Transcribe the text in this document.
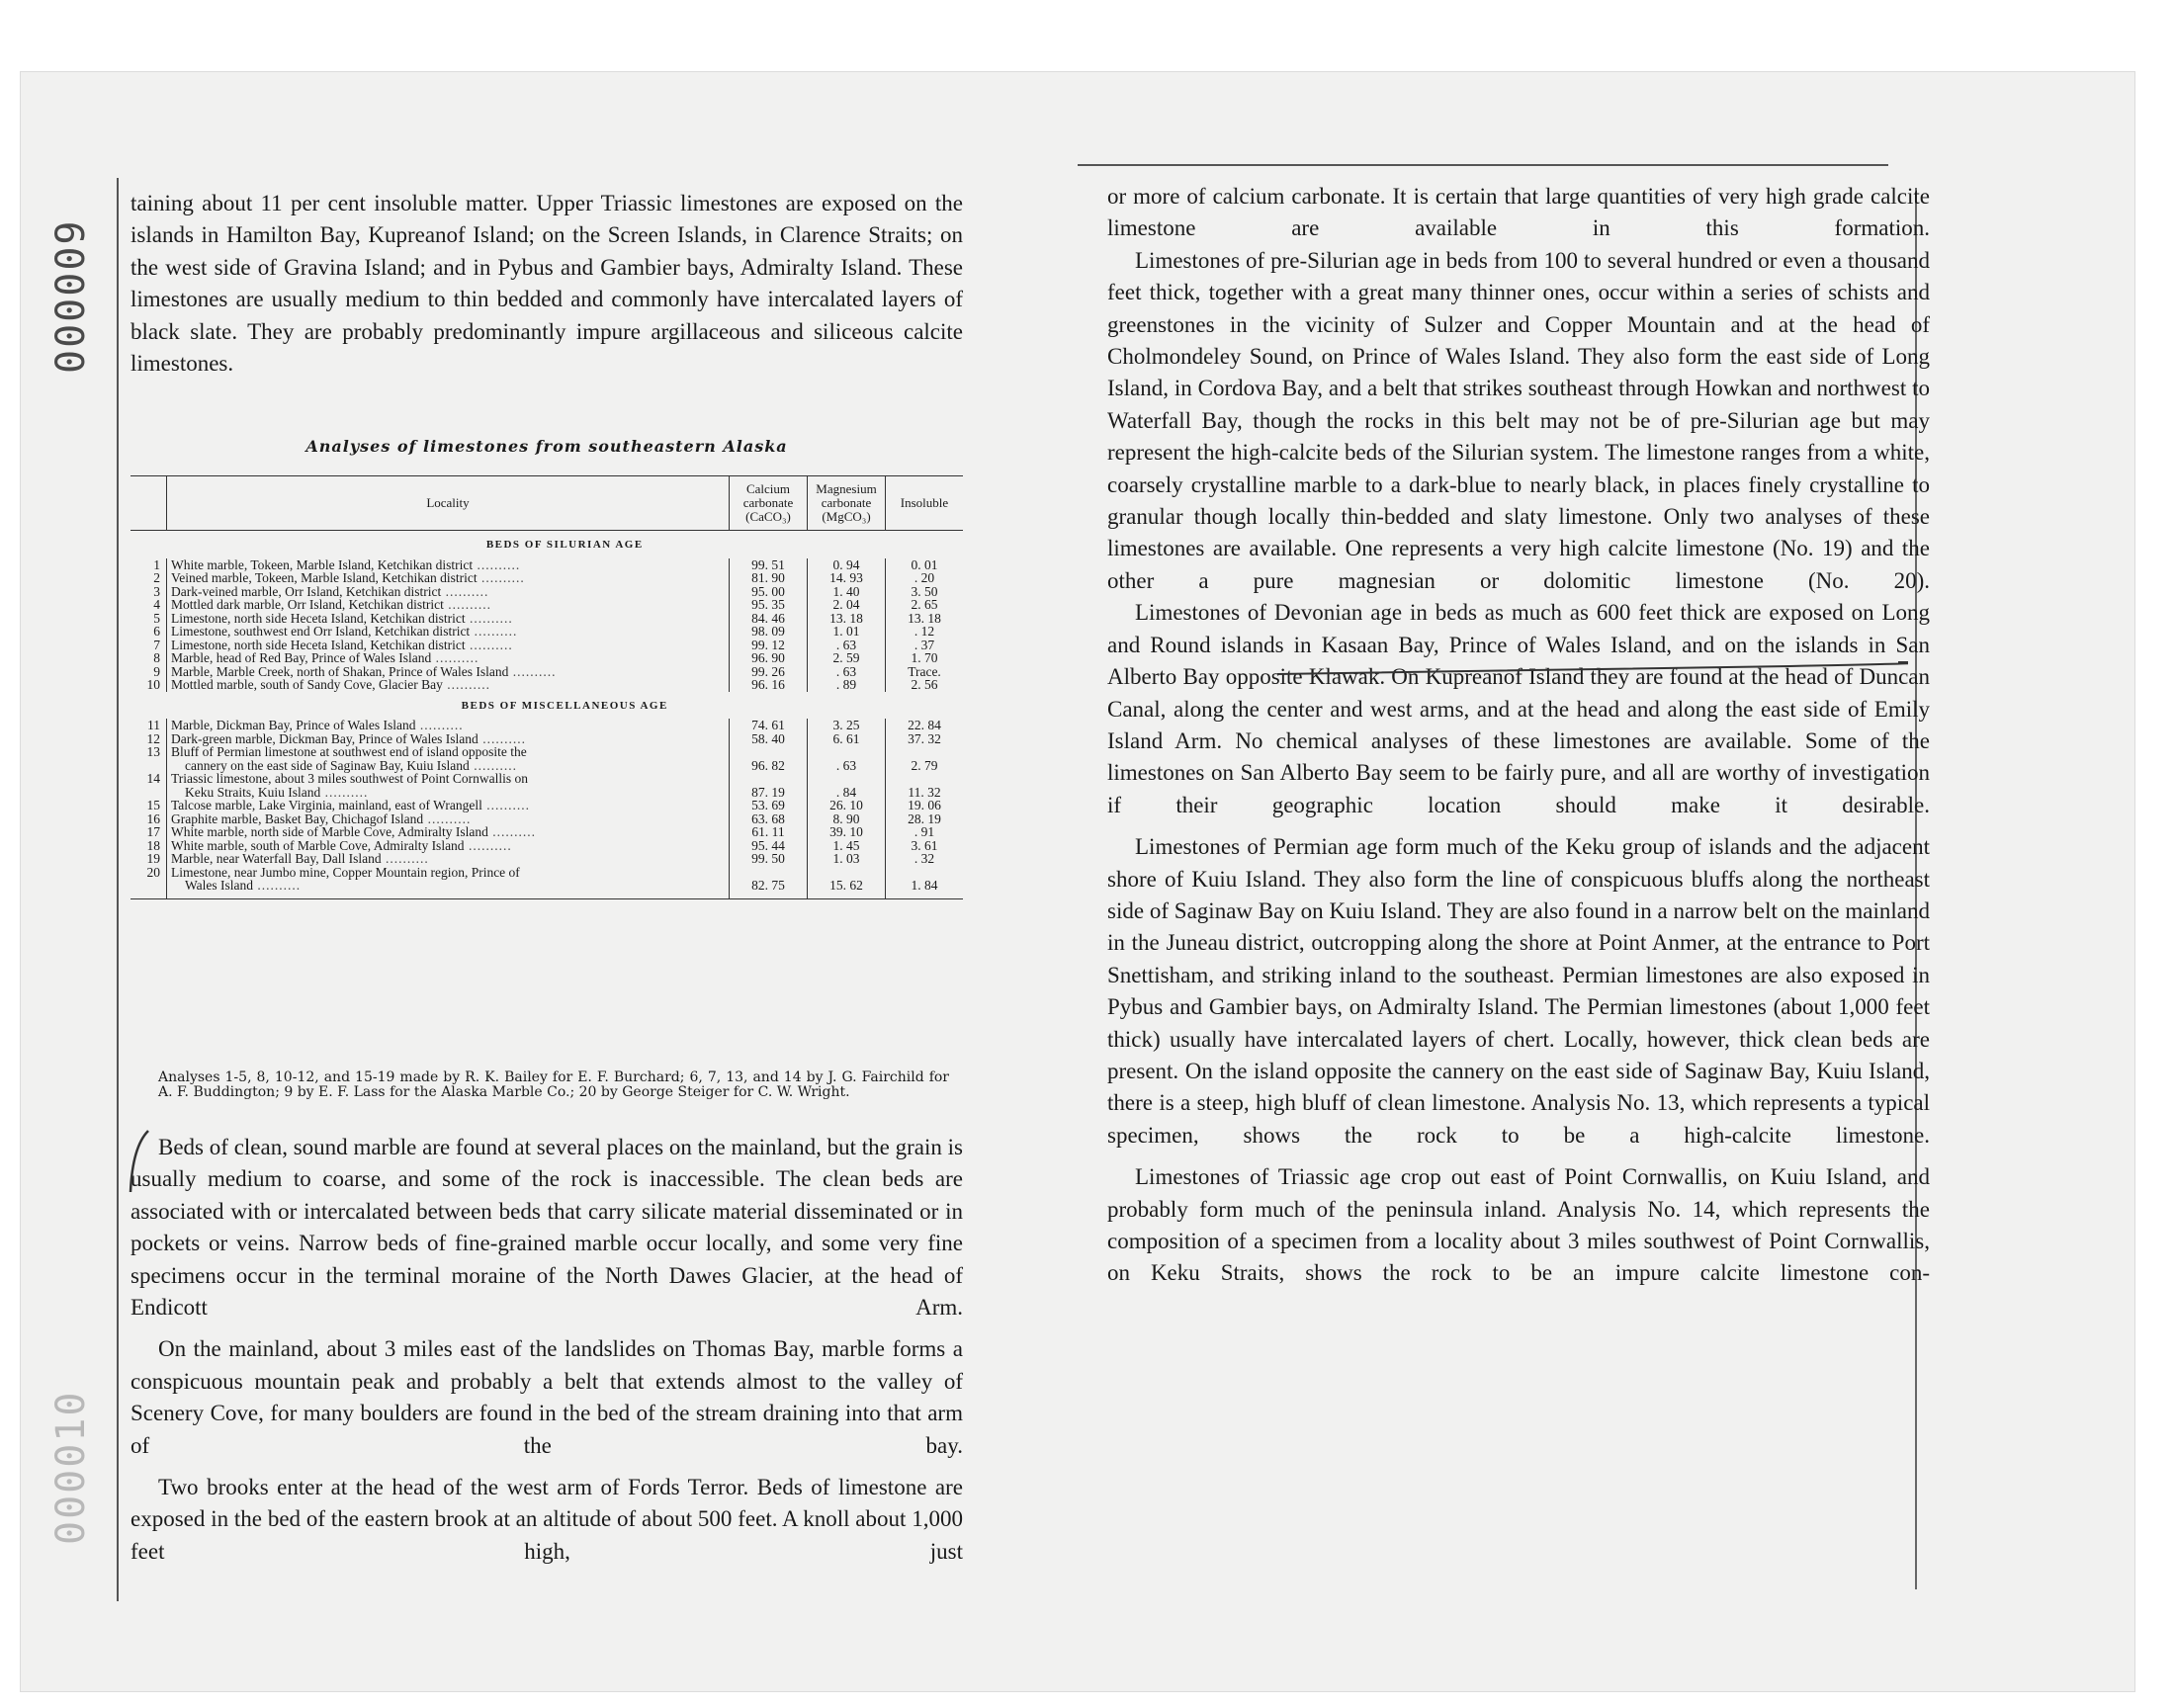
000009
000010

taining about 11 per cent insoluble matter. Upper Triassic limestones are exposed on the islands in Hamilton Bay, Kupreanof Island; on the Screen Islands, in Clarence Straits; on the west side of Gravina Island; and in Pybus and Gambier bays, Admiralty Island. These limestones are usually medium to thin bedded and commonly have intercalated layers of black slate. They are probably predominantly impure argillaceous and siliceous calcite limestones.

Analyses of limestones from southeastern Alaska
	Locality	Calcium carbonate (CaCO₃)	Magnesium carbonate (MgCO₃)	Insoluble
	BEDS OF SILURIAN AGE			
1	White marble, Tokeen, Marble Island, Ketchikan district ..........	99. 51	0. 94	0. 01
2	Veined marble, Tokeen, Marble Island, Ketchikan district ..........	81. 90	14. 93	. 20
3	Dark-veined marble, Orr Island, Ketchikan district ..........	95. 00	1. 40	3. 50
4	Mottled dark marble, Orr Island, Ketchikan district ..........	95. 35	2. 04	2. 65
5	Limestone, north side Heceta Island, Ketchikan district ..........	84. 46	13. 18	13. 18
6	Limestone, southwest end Orr Island, Ketchikan district ..........	98. 09	1. 01	. 12
7	Limestone, north side Heceta Island, Ketchikan district ..........	99. 12	. 63	. 37
8	Marble, head of Red Bay, Prince of Wales Island ..........	96. 90	2. 59	1. 70
9	Marble, Marble Creek, north of Shakan, Prince of Wales Island ..........	99. 26	. 63	Trace.
10	Mottled marble, south of Sandy Cove, Glacier Bay ..........	96. 16	. 89	2. 56
	BEDS OF MISCELLANEOUS AGE			
11	Marble, Dickman Bay, Prince of Wales Island ..........	74. 61	3. 25	22. 84
12	Dark-green marble, Dickman Bay, Prince of Wales Island ..........	58. 40	6. 61	37. 32
13	Bluff of Permian limestone at southwest end of island opposite the
cannery on the east side of Saginaw Bay, Kuiu Island ..........	96. 82	. 63	2. 79
14	Triassic limestone, about 3 miles southwest of Point Cornwallis on
Keku Straits, Kuiu Island ..........	87. 19	. 84	11. 32
15	Talcose marble, Lake Virginia, mainland, east of Wrangell ..........	53. 69	26. 10	19. 06
16	Graphite marble, Basket Bay, Chichagof Island ..........	63. 68	8. 90	28. 19
17	White marble, north side of Marble Cove, Admiralty Island ..........	61. 11	39. 10	. 91
18	White marble, south of Marble Cove, Admiralty Island ..........	95. 44	1. 45	3. 61
19	Marble, near Waterfall Bay, Dall Island ..........	99. 50	1. 03	. 32
20	Limestone, near Jumbo mine, Copper Mountain region, Prince of
Wales Island ..........	82. 75	15. 62	1. 84

Analyses 1-5, 8, 10-12, and 15-19 made by R. K. Bailey for E. F. Burchard; 6, 7, 13, and 14 by J. G. Fairchild for A. F. Buddington; 9 by E. F. Lass for the Alaska Marble Co.; 20 by George Steiger for C. W. Wright.

Beds of clean, sound marble are found at several places on the mainland, but the grain is usually medium to coarse, and some of the rock is inaccessible. The clean beds are associated with or intercalated between beds that carry silicate material disseminated or in pockets or veins. Narrow beds of fine-grained marble occur locally, and some very fine specimens occur in the terminal moraine of the North Dawes Glacier, at the head of Endicott Arm.

On the mainland, about 3 miles east of the landslides on Thomas Bay, marble forms a conspicuous mountain peak and probably a belt that extends almost to the valley of Scenery Cove, for many boulders are found in the bed of the stream draining into that arm of the bay.

Two brooks enter at the head of the west arm of Fords Terror. Beds of limestone are exposed in the bed of the eastern brook at an altitude of about 500 feet. A knoll about 1,000 feet high, just

or more of calcium carbonate. It is certain that large quantities of very high grade calcite limestone are available in this formation.

Limestones of pre-Silurian age in beds from 100 to several hundred or even a thousand feet thick, together with a great many thinner ones, occur within a series of schists and greenstones in the vicinity of Sulzer and Copper Mountain and at the head of Cholmondeley Sound, on Prince of Wales Island. They also form the east side of Long Island, in Cordova Bay, and a belt that strikes southeast through Howkan and northwest to Waterfall Bay, though the rocks in this belt may not be of pre-Silurian age but may represent the high-calcite beds of the Silurian system. The limestone ranges from a white, coarsely crystalline marble to a dark-blue to nearly black, in places finely crystalline to granular though locally thin-bedded and slaty limestone. Only two analyses of these limestones are available. One represents a very high calcite limestone (No. 19) and the other a pure magnesian or dolomitic limestone (No. 20).

Limestones of Devonian age in beds as much as 600 feet thick are exposed on Long and Round islands in Kasaan Bay, Prince of Wales Island, and on the islands in San Alberto Bay opposite Klawak. On Kupreanof Island they are found at the head of Duncan Canal, along the center and west arms, and at the head and along the east side of Emily Island Arm. No chemical analyses of these limestones are available. Some of the limestones on San Alberto Bay seem to be fairly pure, and all are worthy of investigation if their geographic location should make it desirable.

Limestones of Permian age form much of the Keku group of islands and the adjacent shore of Kuiu Island. They also form the line of conspicuous bluffs along the northeast side of Saginaw Bay on Kuiu Island. They are also found in a narrow belt on the mainland in the Juneau district, outcropping along the shore at Point Anmer, at the entrance to Port Snettisham, and striking inland to the southeast. Permian limestones are also exposed in Pybus and Gambier bays, on Admiralty Island. The Permian limestones (about 1,000 feet thick) usually have intercalated layers of chert. Locally, however, thick clean beds are present. On the island opposite the cannery on the east side of Saginaw Bay, Kuiu Island, there is a steep, high bluff of clean limestone. Analysis No. 13, which represents a typical specimen, shows the rock to be a high-calcite limestone.

Limestones of Triassic age crop out east of Point Cornwallis, on Kuiu Island, and probably form much of the peninsula inland. Analysis No. 14, which represents the composition of a specimen from a locality about 3 miles southwest of Point Cornwallis, on Keku Straits, shows the rock to be an impure calcite limestone con-
